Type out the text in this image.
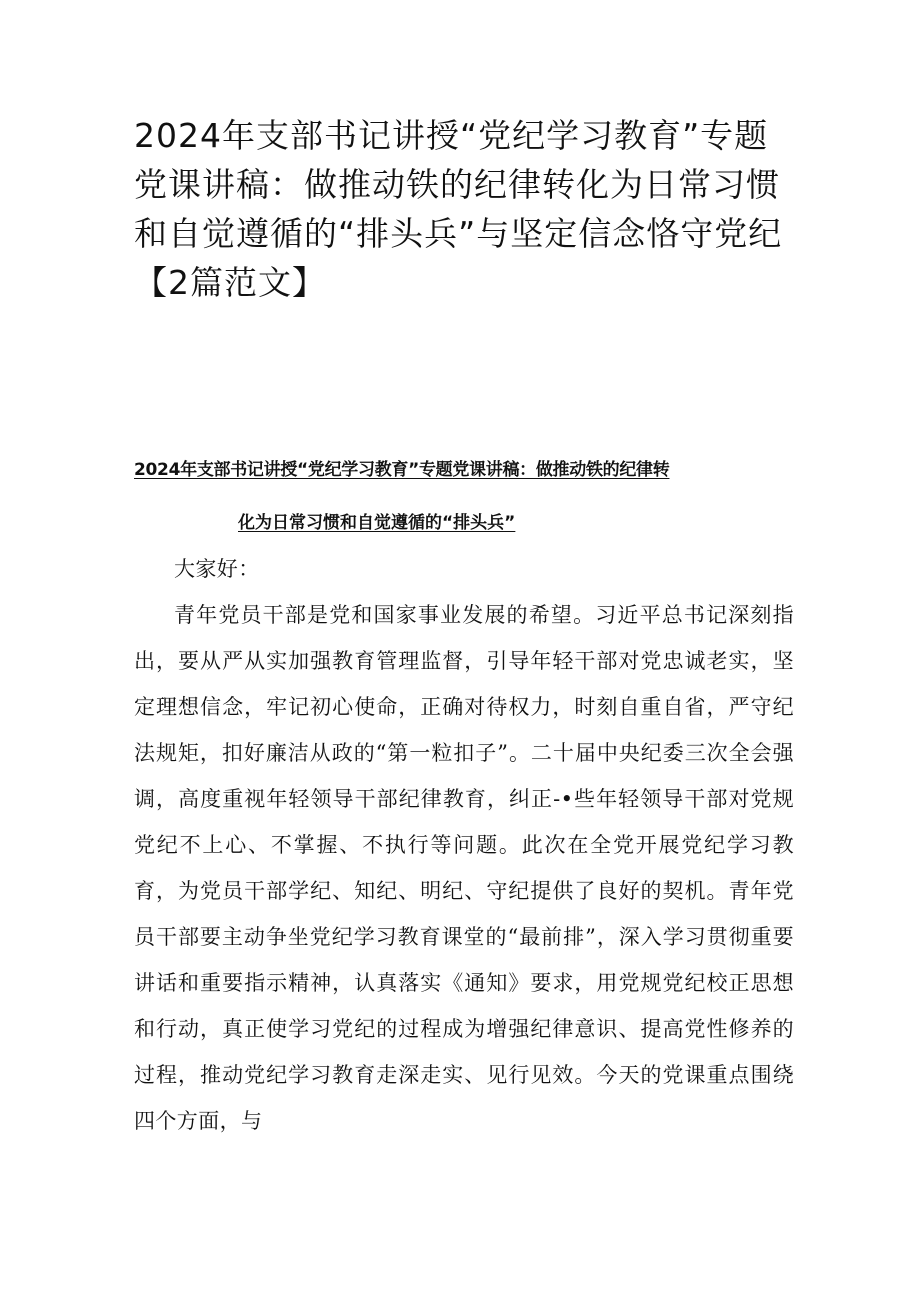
2024年支部书记讲授“党纪学习教育”专题党课讲稿：做推动铁的纪律转化为日常习惯和自觉遵循的“排头兵”与坚定信念恪守党纪【2篇范文】
2024年支部书记讲授“党纪学习教育”专题党课讲稿：做推动铁的纪律转
化为日常习惯和自觉遵循的“排头兵”

大家好：

青年党员干部是党和国家事业发展的希望。习近平总书记深刻指出，要从严从实加强教育管理监督，引导年轻干部对党忠诚老实，坚定理想信念，牢记初心使命，正确对待权力，时刻自重自省，严守纪法规矩，扣好廉洁从政的“第一粒扣子”。二十届中央纪委三次全会强调，高度重视年轻领导干部纪律教育，纠正-•些年轻领导干部对党规党纪不上心、不掌握、不执行等问题。此次在全党开展党纪学习教育，为党员干部学纪、知纪、明纪、守纪提供了良好的契机。青年党员干部要主动争坐党纪学习教育课堂的“最前排”，深入学习贯彻重要讲话和重要指示精神，认真落实《通知》要求，用党规党纪校正思想和行动，真正使学习党纪的过程成为增强纪律意识、提高党性修养的过程，推动党纪学习教育走深走实、见行见效。今天的党课重点围绕四个方面，与
